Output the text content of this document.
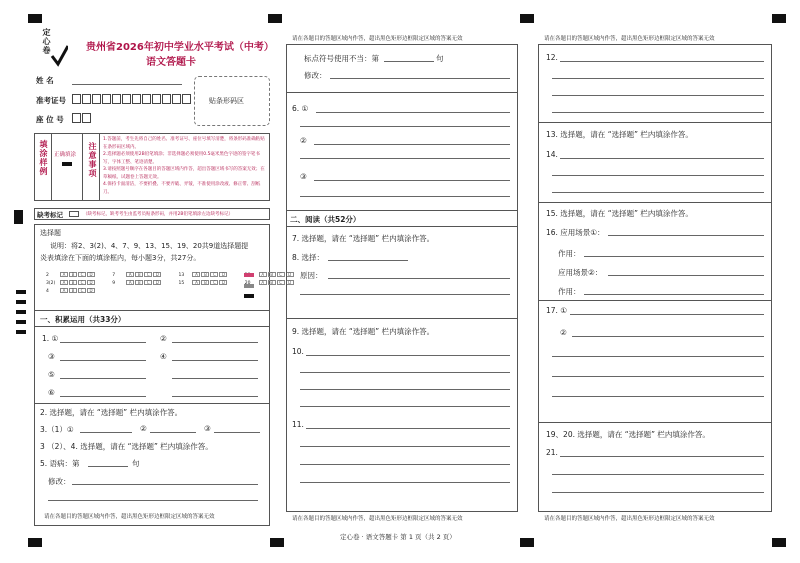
定心卷	贵州省2026年初中学业水平考试（中考）
语文答题卡
姓 名
准考证号
座 位 号
贴条形码区
填涂样例 正确填涂 注意事项
1.答题前，考生先将自己的姓名、准考证号、座位号填写清楚，将条形码准确粘贴在条形码区域内。
2.选择题必须使用2B铅笔填涂；非选择题必须使用0.5毫米黑色字迹的签字笔书写，字体工整、笔迹清楚。
3.请按照题号顺序在各题目的答题区域内作答，超出答题区域书写的答案无效；在草稿纸、试题卷上答题无效。
4.保持卡面清洁，不要折叠、不要弄破、弄皱，不准使用涂改液、修正带、刮纸刀。
缺考标记	（缺考标记，缺考考生由监考员贴条形码，并用2B铅笔填涂左边缺考标记）
选择题
说明：将2、3(2)、4、7、9、13、15、19、20共9道选择题提
炎表填涂在下面的填涂框内，每小题3分，共27分。
2	A B C D	7	A B C D	13	A B C D	A B C D
3(2) A B C D	9	A B C D	15	A B C D	A B C D
4	A B C D
一、积累运用（共33分）
1. ①	②
③	④
⑤
⑥
2. 选择题，请在 “选择题” 栏内填涂作答。
3.（1）①	②	③
3 （2）、4. 选择题，请在 “选择题” 栏内填涂作答。
5. 语病：第	句
修改：
请在各题目的答题区域内作答，超出黑色矩形边框限定区域的答案无效
请在各题目的答题区域内作答，超出黑色矩形边框限定区域的答案无效
标点符号使用不当：第	句
修改：
6. ①
②
③
二、阅读（共52分）
7. 选择题，请在 “选择题” 栏内填涂作答。
8. 选择：
原因：
9. 选择题，请在 “选择题” 栏内填涂作答。
10.
11.
请在各题目的答题区域内作答，超出黑色矩形边框限定区域的答案无效
请在各题目的答题区域内作答，超出黑色矩形边框限定区域的答案无效
12.
13. 选择题，请在 “选择题” 栏内填涂作答。
14.
15. 选择题，请在 “选择题” 栏内填涂作答。
16. 应用场景①：
作用：
应用场景②：
作用：
17. ①
②
19、20. 选择题，请在 “选择题” 栏内填涂作答。
21.
请在各题目的答题区域内作答，超出黑色矩形边框限定区域的答案无效
定心卷 · 语文答题卡 第 1 页（共 2 页）
